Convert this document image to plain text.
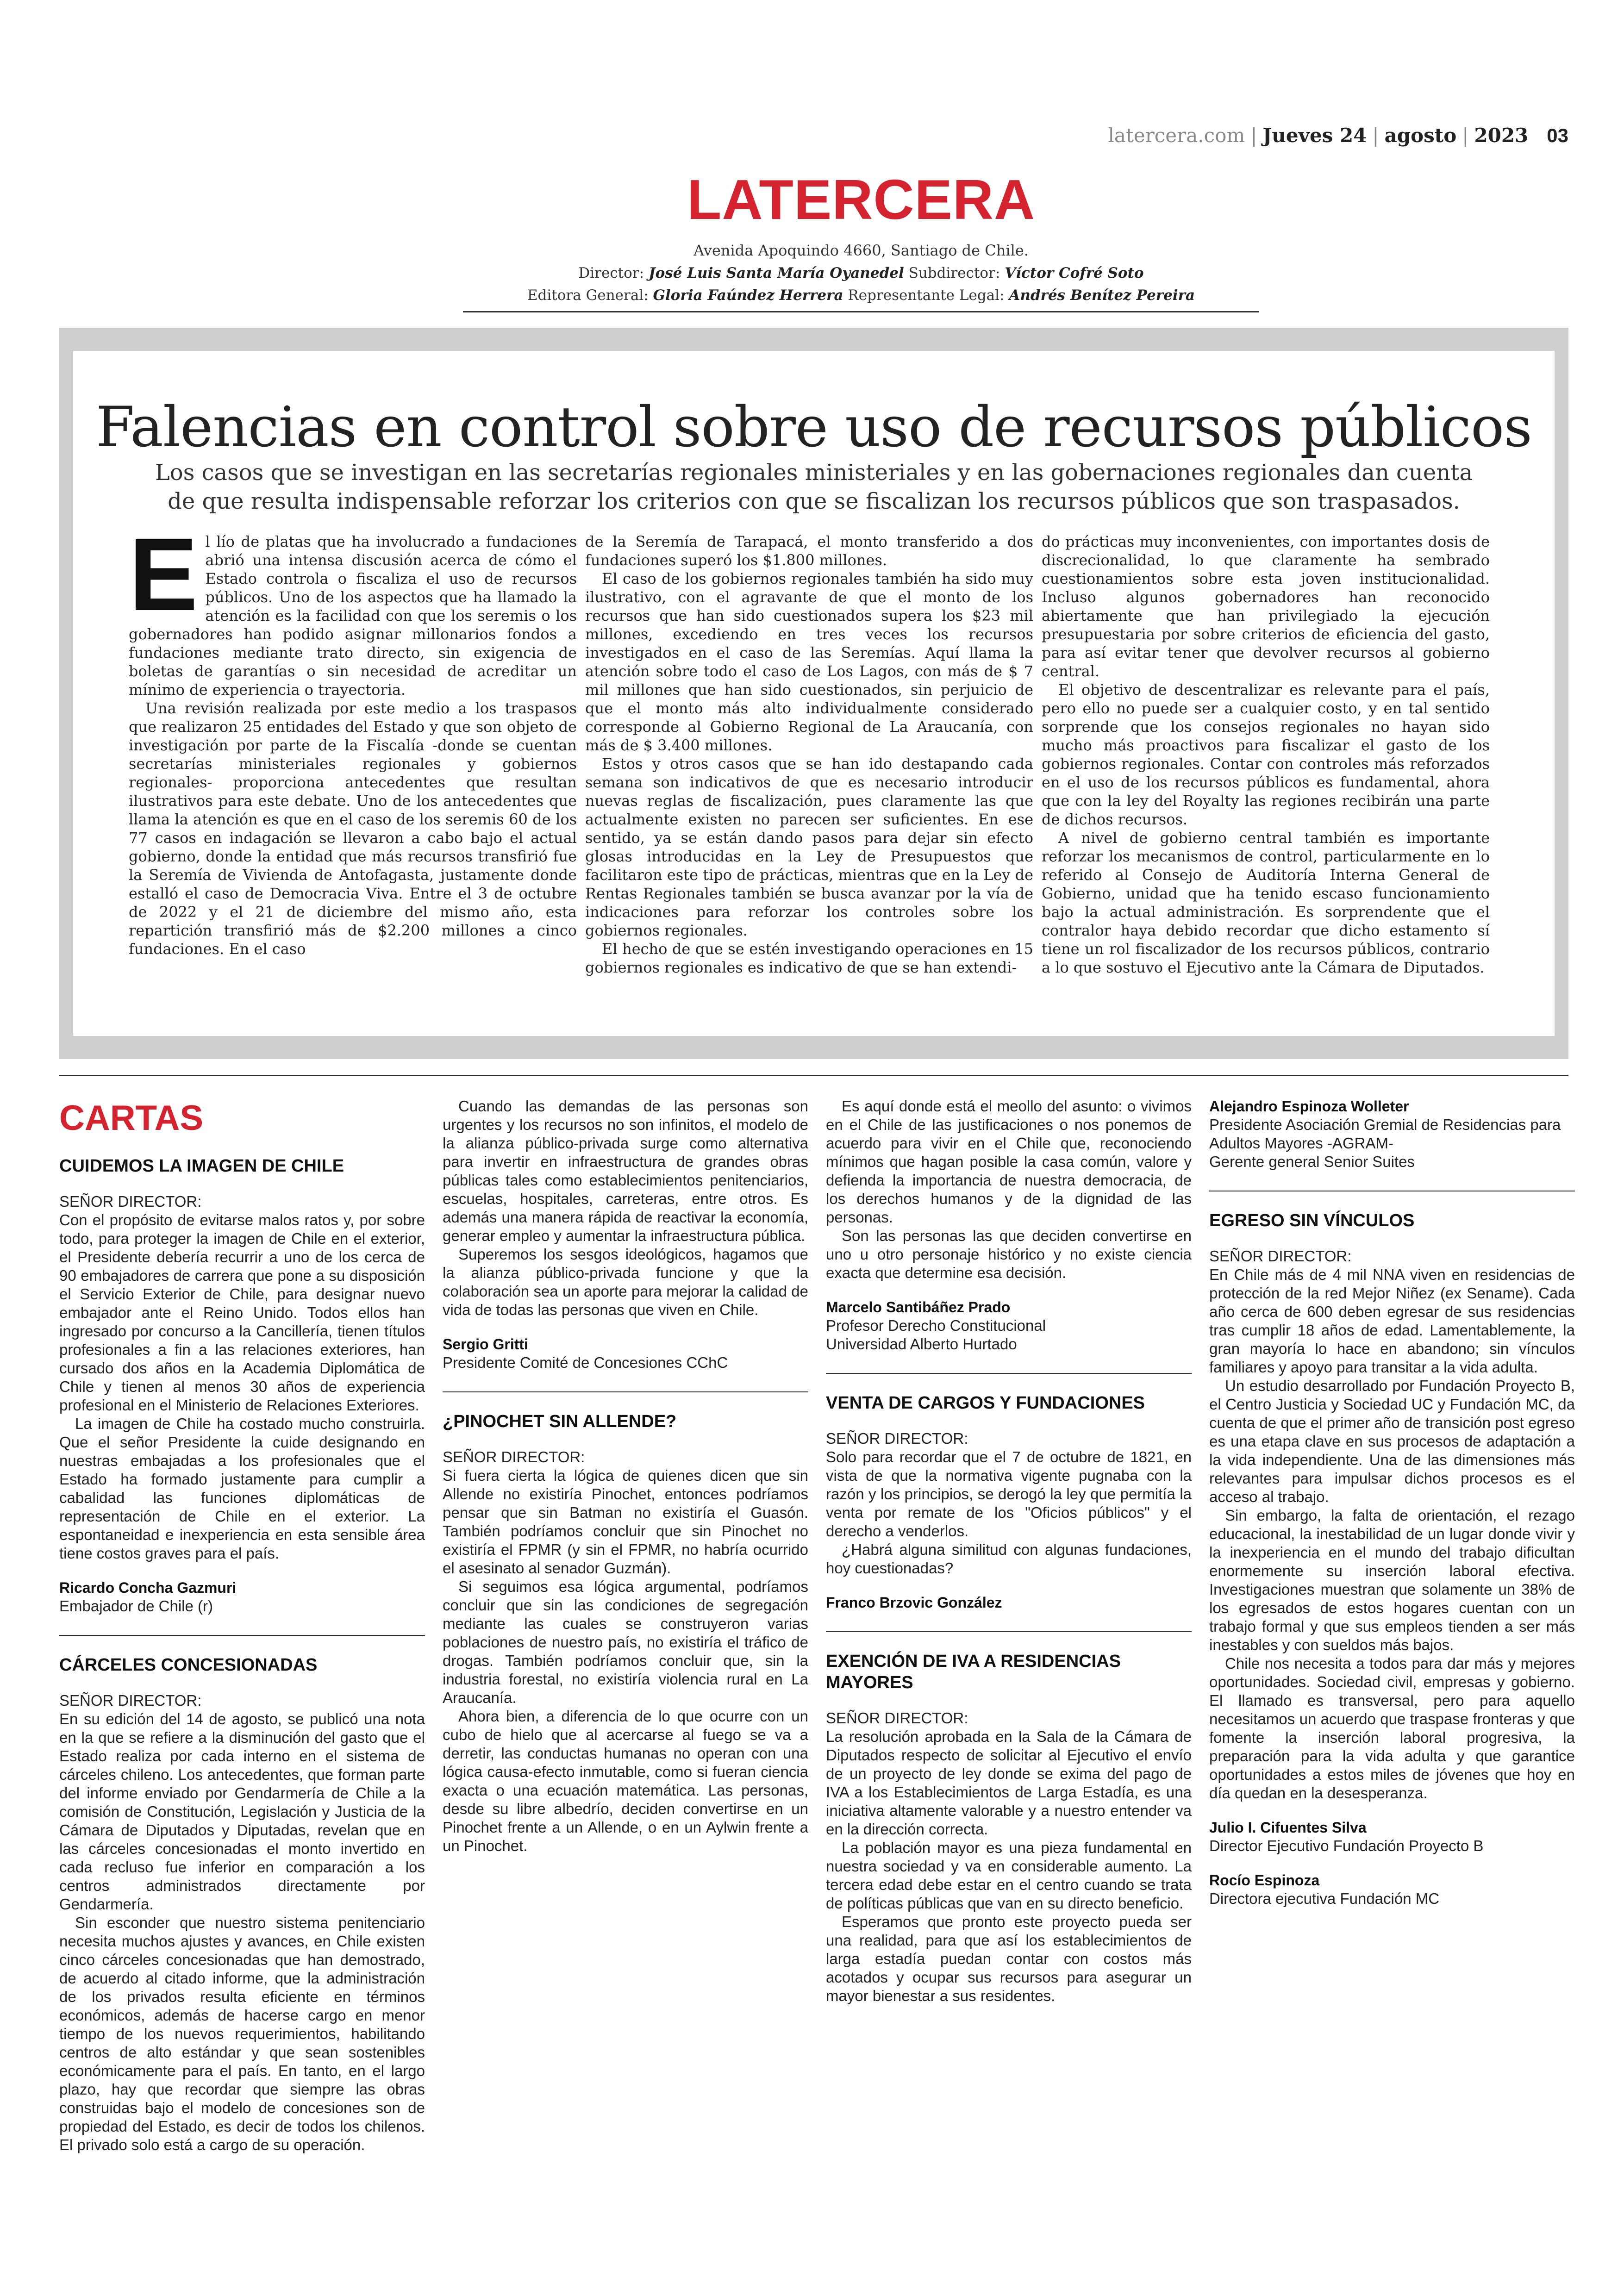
latercera.com | Jueves 24 | agosto | 2023 03
LATERCERA
Avenida Apoquindo 4660, Santiago de Chile.
Director: José Luis Santa María Oyanedel Subdirector: Víctor Cofré Soto
Editora General: Gloria Faúndez Herrera Representante Legal: Andrés Benítez Pereira
Falencias en control sobre uso de recursos públicos
Los casos que se investigan en las secretarías regionales ministeriales y en las gobernaciones regionales dan cuenta de que resulta indispensable reforzar los criterios con que se fiscalizan los recursos públicos que son traspasados.
E l lío de platas que ha involucrado a fundaciones abrió una intensa discusión acerca de cómo el Estado controla o fiscaliza el uso de recursos públicos. Uno de los aspectos que ha llamado la atención es la facilidad con que los seremis o los gobernadores han podido asignar millonarios fondos a fundaciones mediante trato directo, sin exigencia de boletas de garantías o sin necesidad de acreditar un mínimo de experiencia o trayectoria.

Una revisión realizada por este medio a los traspasos que realizaron 25 entidades del Estado y que son objeto de investigación por parte de la Fiscalía -donde se cuentan secretarías ministeriales regionales y gobiernos regionales- proporciona antecedentes que resultan ilustrativos para este debate. Uno de los antecedentes que llama la atención es que en el caso de los seremis 60 de los 77 casos en indagación se llevaron a cabo bajo el actual gobierno, donde la entidad que más recursos transfirió fue la Seremía de Vivienda de Antofagasta, justamente donde estalló el caso de Democracia Viva. Entre el 3 de octubre de 2022 y el 21 de diciembre del mismo año, esta repartición transfirió más de $2.200 millones a cinco fundaciones. En el caso

de la Seremía de Tarapacá, el monto transferido a dos fundaciones superó los $1.800 millones.

El caso de los gobiernos regionales también ha sido muy ilustrativo, con el agravante de que el monto de los recursos que han sido cuestionados supera los $23 mil millones, excediendo en tres veces los recursos investigados en el caso de las Seremías. Aquí llama la atención sobre todo el caso de Los Lagos, con más de $ 7 mil millones que han sido cuestionados, sin perjuicio de que el monto más alto individualmente considerado corresponde al Gobierno Regional de La Araucanía, con más de $ 3.400 millones.

Estos y otros casos que se han ido destapando cada semana son indicativos de que es necesario introducir nuevas reglas de fiscalización, pues claramente las que actualmente existen no parecen ser suficientes. En ese sentido, ya se están dando pasos para dejar sin efecto glosas introducidas en la Ley de Presupuestos que facilitaron este tipo de prácticas, mientras que en la Ley de Rentas Regionales también se busca avanzar por la vía de indicaciones para reforzar los controles sobre los gobiernos regionales.

El hecho de que se estén investigando operaciones en 15 gobiernos regionales es indicativo de que se han extendi-

do prácticas muy inconvenientes, con importantes dosis de discrecionalidad, lo que claramente ha sembrado cuestionamientos sobre esta joven institucionalidad. Incluso algunos gobernadores han reconocido abiertamente que han privilegiado la ejecución presupuestaria por sobre criterios de eficiencia del gasto, para así evitar tener que devolver recursos al gobierno central.

El objetivo de descentralizar es relevante para el país, pero ello no puede ser a cualquier costo, y en tal sentido sorprende que los consejos regionales no hayan sido mucho más proactivos para fiscalizar el gasto de los gobiernos regionales. Contar con controles más reforzados en el uso de los recursos públicos es fundamental, ahora que con la ley del Royalty las regiones recibirán una parte de dichos recursos.

A nivel de gobierno central también es importante reforzar los mecanismos de control, particularmente en lo referido al Consejo de Auditoría Interna General de Gobierno, unidad que ha tenido escaso funcionamiento bajo la actual administración. Es sorprendente que el contralor haya debido recordar que dicho estamento sí tiene un rol fiscalizador de los recursos públicos, contrario a lo que sostuvo el Ejecutivo ante la Cámara de Diputados.

CARTAS
CUIDEMOS LA IMAGEN DE CHILE

SEÑOR DIRECTOR:

Con el propósito de evitarse malos ratos y, por sobre todo, para proteger la imagen de Chile en el exterior, el Presidente debería recurrir a uno de los cerca de 90 embajadores de carrera que pone a su disposición el Servicio Exterior de Chile, para designar nuevo embajador ante el Reino Unido. Todos ellos han ingresado por concurso a la Cancillería, tienen títulos profesionales a fin a las relaciones exteriores, han cursado dos años en la Academia Diplomática de Chile y tienen al menos 30 años de experiencia profesional en el Ministerio de Relaciones Exteriores.

La imagen de Chile ha costado mucho construirla. Que el señor Presidente la cuide designando en nuestras embajadas a los profesionales que el Estado ha formado justamente para cumplir a cabalidad las funciones diplomáticas de representación de Chile en el exterior. La espontaneidad e inexperiencia en esta sensible área tiene costos graves para el país.

Ricardo Concha Gazmuri

Embajador de Chile (r)

CÁRCELES CONCESIONADAS

SEÑOR DIRECTOR:

En su edición del 14 de agosto, se publicó una nota en la que se refiere a la disminución del gasto que el Estado realiza por cada interno en el sistema de cárceles chileno. Los antecedentes, que forman parte del informe enviado por Gendarmería de Chile a la comisión de Constitución, Legislación y Justicia de la Cámara de Diputados y Diputadas, revelan que en las cárceles concesionadas el monto invertido en cada recluso fue inferior en comparación a los centros administrados directamente por Gendarmería.

Sin esconder que nuestro sistema penitenciario necesita muchos ajustes y avances, en Chile existen cinco cárceles concesionadas que han demostrado, de acuerdo al citado informe, que la administración de los privados resulta eficiente en términos económicos, además de hacerse cargo en menor tiempo de los nuevos requerimientos, habilitando centros de alto estándar y que sean sostenibles económicamente para el país. En tanto, en el largo plazo, hay que recordar que siempre las obras construidas bajo el modelo de concesiones son de propiedad del Estado, es decir de todos los chilenos. El privado solo está a cargo de su operación.

Cuando las demandas de las personas son urgentes y los recursos no son infinitos, el modelo de la alianza público-privada surge como alternativa para invertir en infraestructura de grandes obras públicas tales como establecimientos penitenciarios, escuelas, hospitales, carreteras, entre otros. Es además una manera rápida de reactivar la economía, generar empleo y aumentar la infraestructura pública.

Superemos los sesgos ideológicos, hagamos que la alianza público-privada funcione y que la colaboración sea un aporte para mejorar la calidad de vida de todas las personas que viven en Chile.

Sergio Gritti

Presidente Comité de Concesiones CChC

¿PINOCHET SIN ALLENDE?

SEÑOR DIRECTOR:

Si fuera cierta la lógica de quienes dicen que sin Allende no existiría Pinochet, entonces podríamos pensar que sin Batman no existiría el Guasón. También podríamos concluir que sin Pinochet no existiría el FPMR (y sin el FPMR, no habría ocurrido el asesinato al senador Guzmán).

Si seguimos esa lógica argumental, podríamos concluir que sin las condiciones de segregación mediante las cuales se construyeron varias poblaciones de nuestro país, no existiría el tráfico de drogas. También podríamos concluir que, sin la industria forestal, no existiría violencia rural en La Araucanía.

Ahora bien, a diferencia de lo que ocurre con un cubo de hielo que al acercarse al fuego se va a derretir, las conductas humanas no operan con una lógica causa-efecto inmutable, como si fueran ciencia exacta o una ecuación matemática. Las personas, desde su libre albedrío, deciden convertirse en un Pinochet frente a un Allende, o en un Aylwin frente a un Pinochet.

Es aquí donde está el meollo del asunto: o vivimos en el Chile de las justificaciones o nos ponemos de acuerdo para vivir en el Chile que, reconociendo mínimos que hagan posible la casa común, valore y defienda la importancia de nuestra democracia, de los derechos humanos y de la dignidad de las personas.

Son las personas las que deciden convertirse en uno u otro personaje histórico y no existe ciencia exacta que determine esa decisión.

Marcelo Santibáñez Prado

Profesor Derecho Constitucional

Universidad Alberto Hurtado

VENTA DE CARGOS Y FUNDACIONES

SEÑOR DIRECTOR:

Solo para recordar que el 7 de octubre de 1821, en vista de que la normativa vigente pugnaba con la razón y los principios, se derogó la ley que permitía la venta por remate de los "Oficios públicos" y el derecho a venderlos.

¿Habrá alguna similitud con algunas fundaciones, hoy cuestionadas?

Franco Brzovic González

EXENCIÓN DE IVA A RESIDENCIAS MAYORES

SEÑOR DIRECTOR:

La resolución aprobada en la Sala de la Cámara de Diputados respecto de solicitar al Ejecutivo el envío de un proyecto de ley donde se exima del pago de IVA a los Establecimientos de Larga Estadía, es una iniciativa altamente valorable y a nuestro entender va en la dirección correcta.

La población mayor es una pieza fundamental en nuestra sociedad y va en considerable aumento. La tercera edad debe estar en el centro cuando se trata de políticas públicas que van en su directo beneficio.

Esperamos que pronto este proyecto pueda ser una realidad, para que así los establecimientos de larga estadía puedan contar con costos más acotados y ocupar sus recursos para asegurar un mayor bienestar a sus residentes.

Alejandro Espinoza Wolleter

Presidente Asociación Gremial de Residencias para Adultos Mayores -AGRAM-

Gerente general Senior Suites

EGRESO SIN VÍNCULOS

SEÑOR DIRECTOR:

En Chile más de 4 mil NNA viven en residencias de protección de la red Mejor Niñez (ex Sename). Cada año cerca de 600 deben egresar de sus residencias tras cumplir 18 años de edad. Lamentablemente, la gran mayoría lo hace en abandono; sin vínculos familiares y apoyo para transitar a la vida adulta.

Un estudio desarrollado por Fundación Proyecto B, el Centro Justicia y Sociedad UC y Fundación MC, da cuenta de que el primer año de transición post egreso es una etapa clave en sus procesos de adaptación a la vida independiente. Una de las dimensiones más relevantes para impulsar dichos procesos es el acceso al trabajo.

Sin embargo, la falta de orientación, el rezago educacional, la inestabilidad de un lugar donde vivir y la inexperiencia en el mundo del trabajo dificultan enormemente su inserción laboral efectiva. Investigaciones muestran que solamente un 38% de los egresados de estos hogares cuentan con un trabajo formal y que sus empleos tienden a ser más inestables y con sueldos más bajos.

Chile nos necesita a todos para dar más y mejores oportunidades. Sociedad civil, empresas y gobierno. El llamado es transversal, pero para aquello necesitamos un acuerdo que traspase fronteras y que fomente la inserción laboral progresiva, la preparación para la vida adulta y que garantice oportunidades a estos miles de jóvenes que hoy en día quedan en la desesperanza.

Julio I. Cifuentes Silva

Director Ejecutivo Fundación Proyecto B

Rocío Espinoza

Directora ejecutiva Fundación MC
